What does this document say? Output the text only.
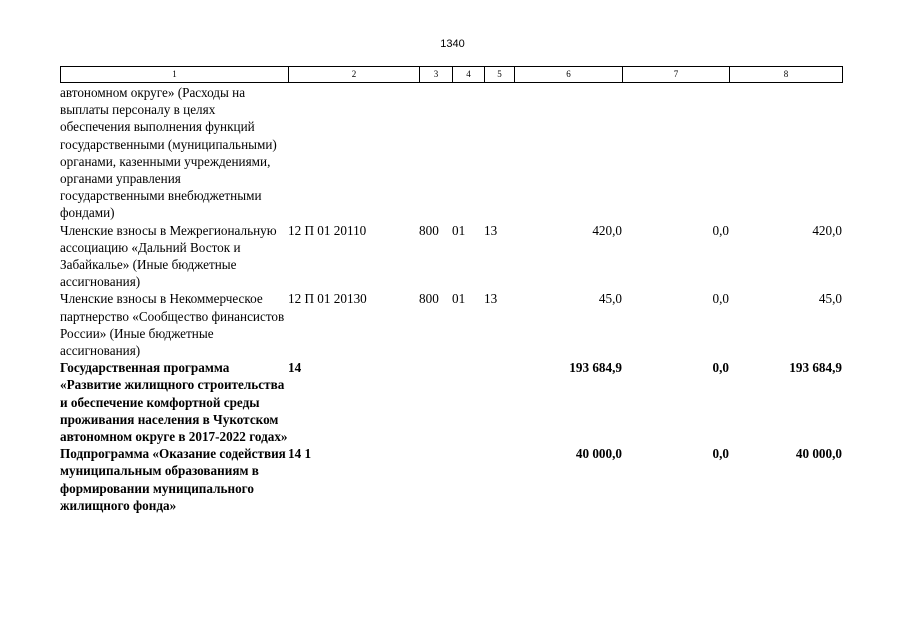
1340
1	2	3	4	5	6	7	8
автономном округе» (Расходы на выплаты персоналу в целях обеспечения выполнения функций государственными (муниципальными) органами, казенными учреждениями, органами управления государственными внебюджетными фондами)							
Членские взносы в Межрегиональную ассоциацию «Дальний Восток и Забайкалье» (Иные бюджетные ассигнования)	12 П 01 20110	800	01	13	420,0	0,0	420,0
Членские взносы в Некоммерческое партнерство «Сообщество финансистов России» (Иные бюджетные ассигнования)	12 П 01 20130	800	01	13	45,0	0,0	45,0
Государственная программа «Развитие жилищного строительства и обеспечение комфортной среды проживания населения в Чукотском автономном округе в 2017-2022 годах»	14				193 684,9	0,0	193 684,9
Подпрограмма «Оказание содействия муниципальным образованиям в формировании муниципального жилищного фонда»	14 1				40 000,0	0,0	40 000,0
